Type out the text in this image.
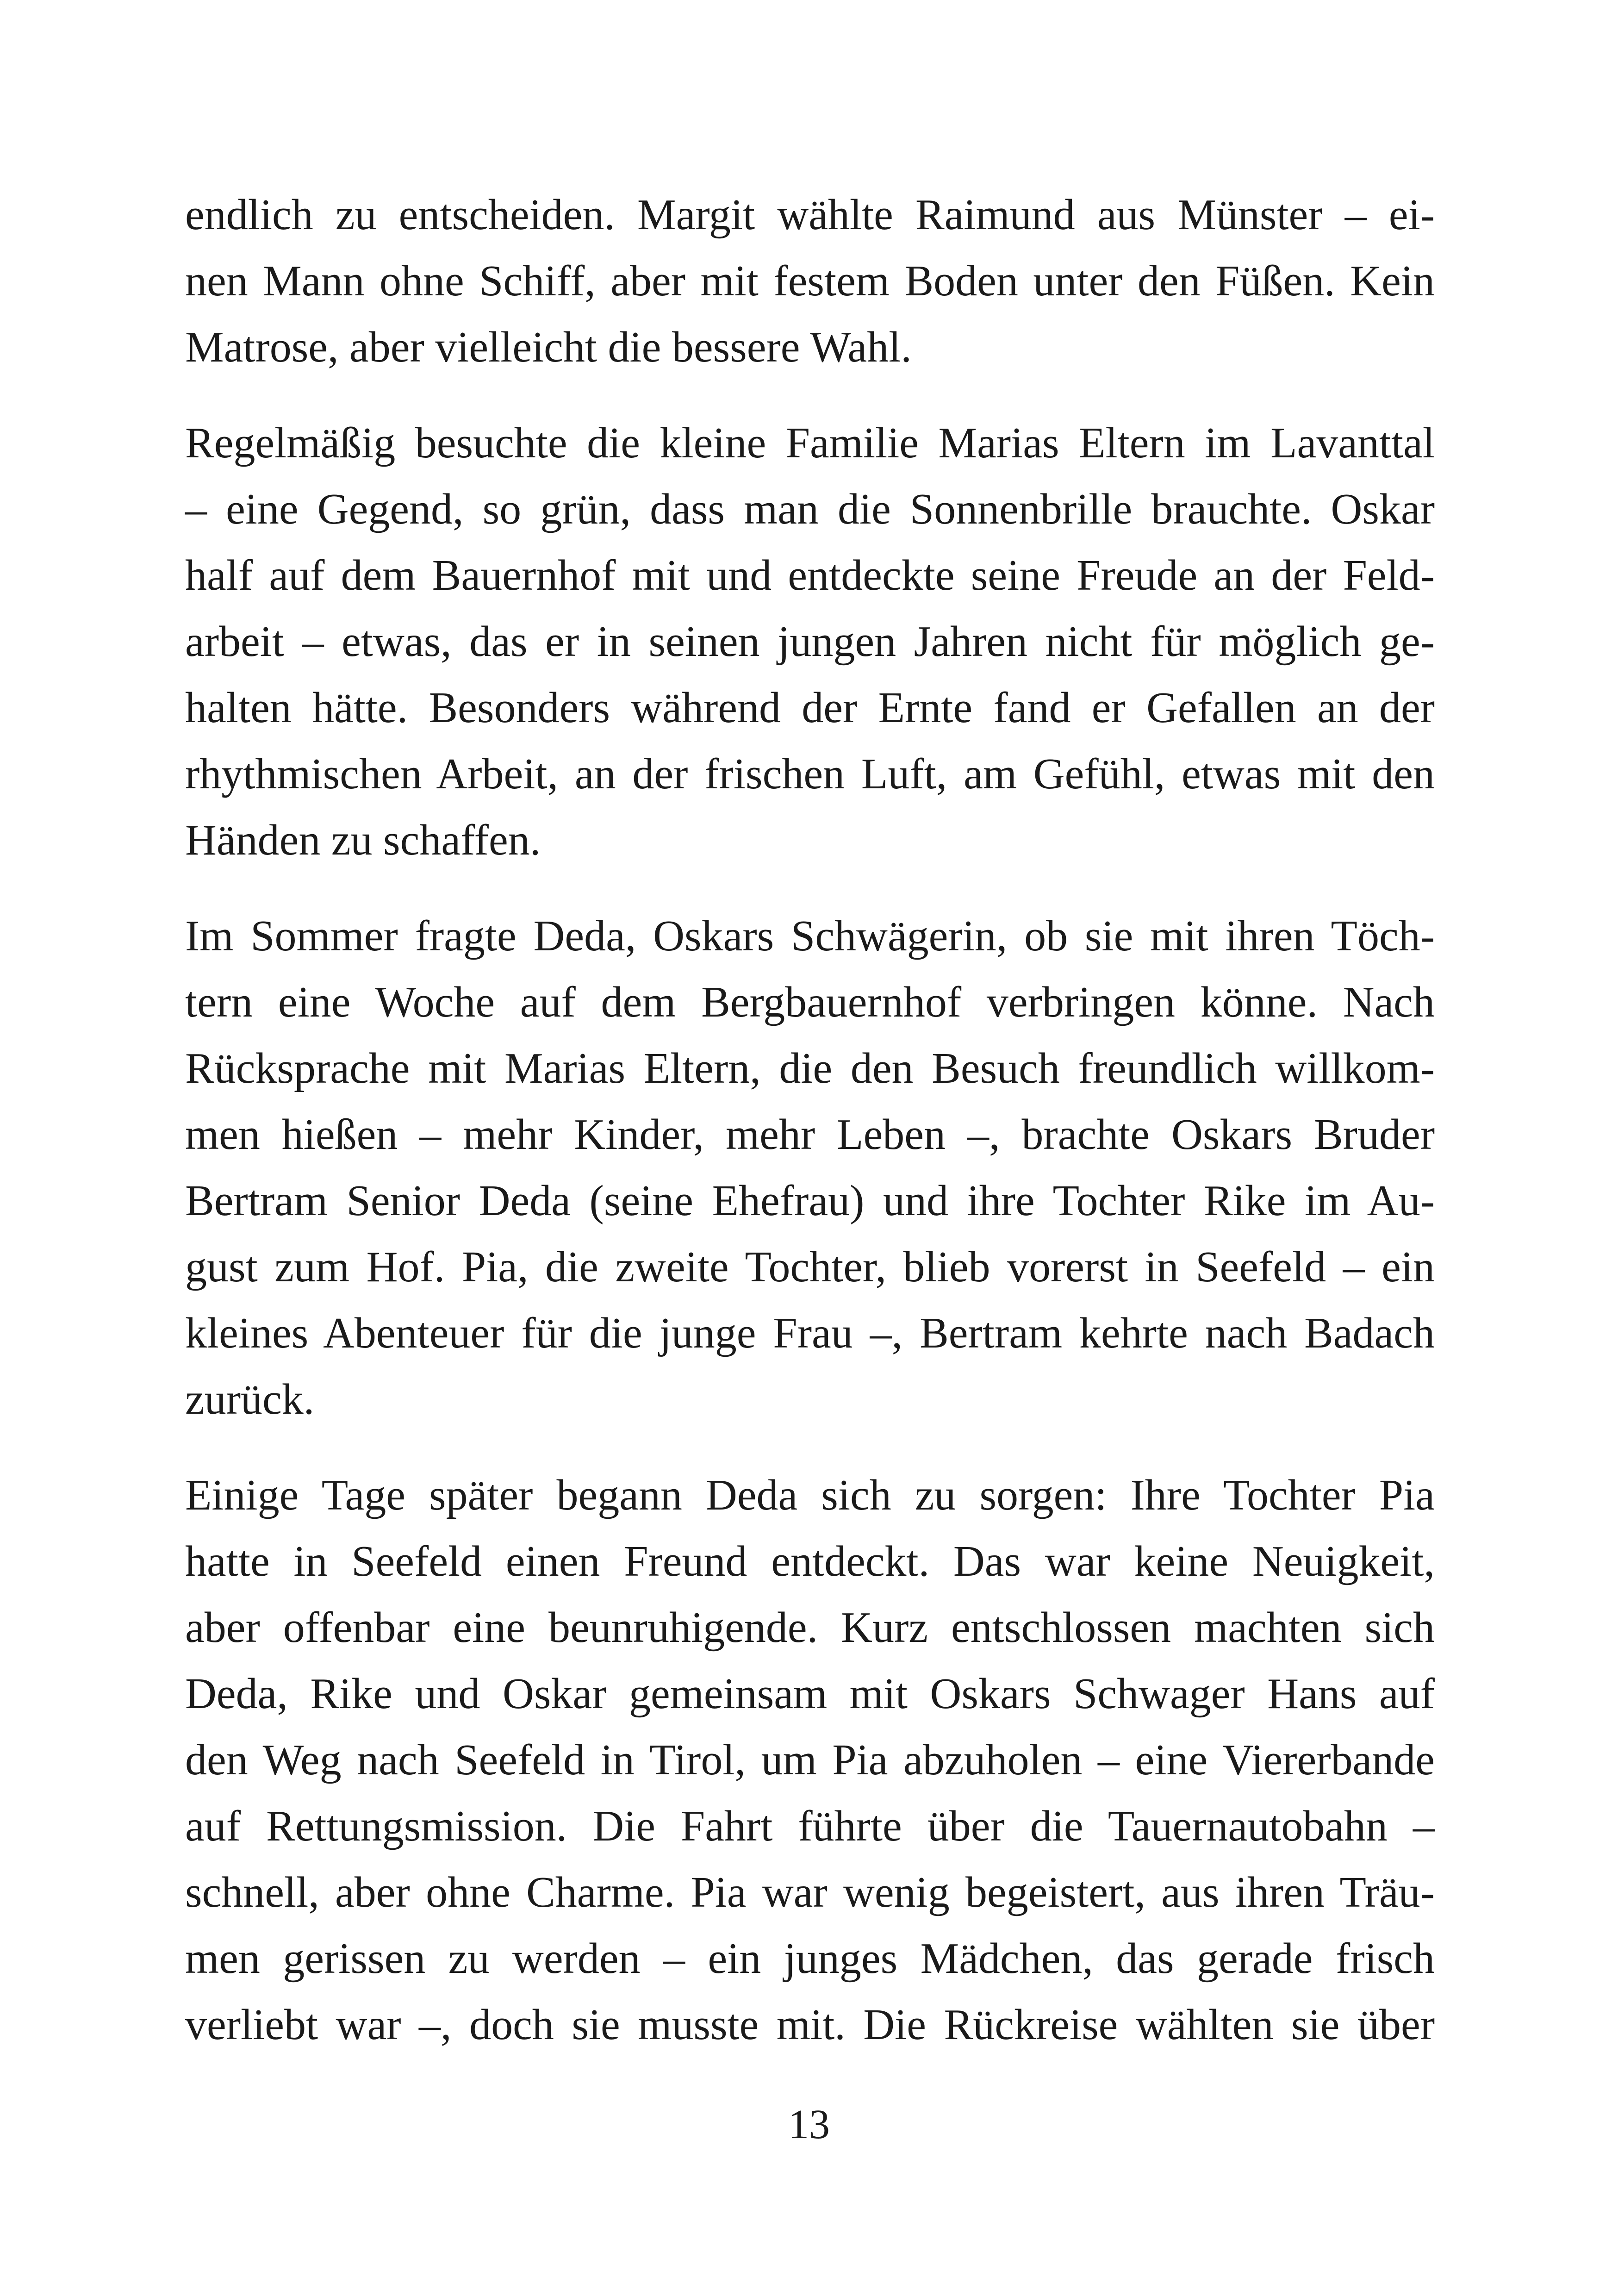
endlich zu entscheiden. Margit wählte Raimund aus Münster – ei-
nen Mann ohne Schiff, aber mit festem Boden unter den Füßen. Kein
Matrose, aber vielleicht die bessere Wahl.

Regelmäßig besuchte die kleine Familie Marias Eltern im Lavanttal
– eine Gegend, so grün, dass man die Sonnenbrille brauchte. Oskar
half auf dem Bauernhof mit und entdeckte seine Freude an der Feld-
arbeit – etwas, das er in seinen jungen Jahren nicht für möglich ge-
halten hätte. Besonders während der Ernte fand er Gefallen an der
rhythmischen Arbeit, an der frischen Luft, am Gefühl, etwas mit den
Händen zu schaffen.

Im Sommer fragte Deda, Oskars Schwägerin, ob sie mit ihren Töch-
tern eine Woche auf dem Bergbauernhof verbringen könne. Nach
Rücksprache mit Marias Eltern, die den Besuch freundlich willkom-
men hießen – mehr Kinder, mehr Leben –, brachte Oskars Bruder
Bertram Senior Deda (seine Ehefrau) und ihre Tochter Rike im Au-
gust zum Hof. Pia, die zweite Tochter, blieb vorerst in Seefeld – ein
kleines Abenteuer für die junge Frau –, Bertram kehrte nach Badach
zurück.

Einige Tage später begann Deda sich zu sorgen: Ihre Tochter Pia
hatte in Seefeld einen Freund entdeckt. Das war keine Neuigkeit,
aber offenbar eine beunruhigende. Kurz entschlossen machten sich
Deda, Rike und Oskar gemeinsam mit Oskars Schwager Hans auf
den Weg nach Seefeld in Tirol, um Pia abzuholen – eine Viererbande
auf Rettungsmission. Die Fahrt führte über die Tauernautobahn –
schnell, aber ohne Charme. Pia war wenig begeistert, aus ihren Träu-
men gerissen zu werden – ein junges Mädchen, das gerade frisch
verliebt war –, doch sie musste mit. Die Rückreise wählten sie über

13
